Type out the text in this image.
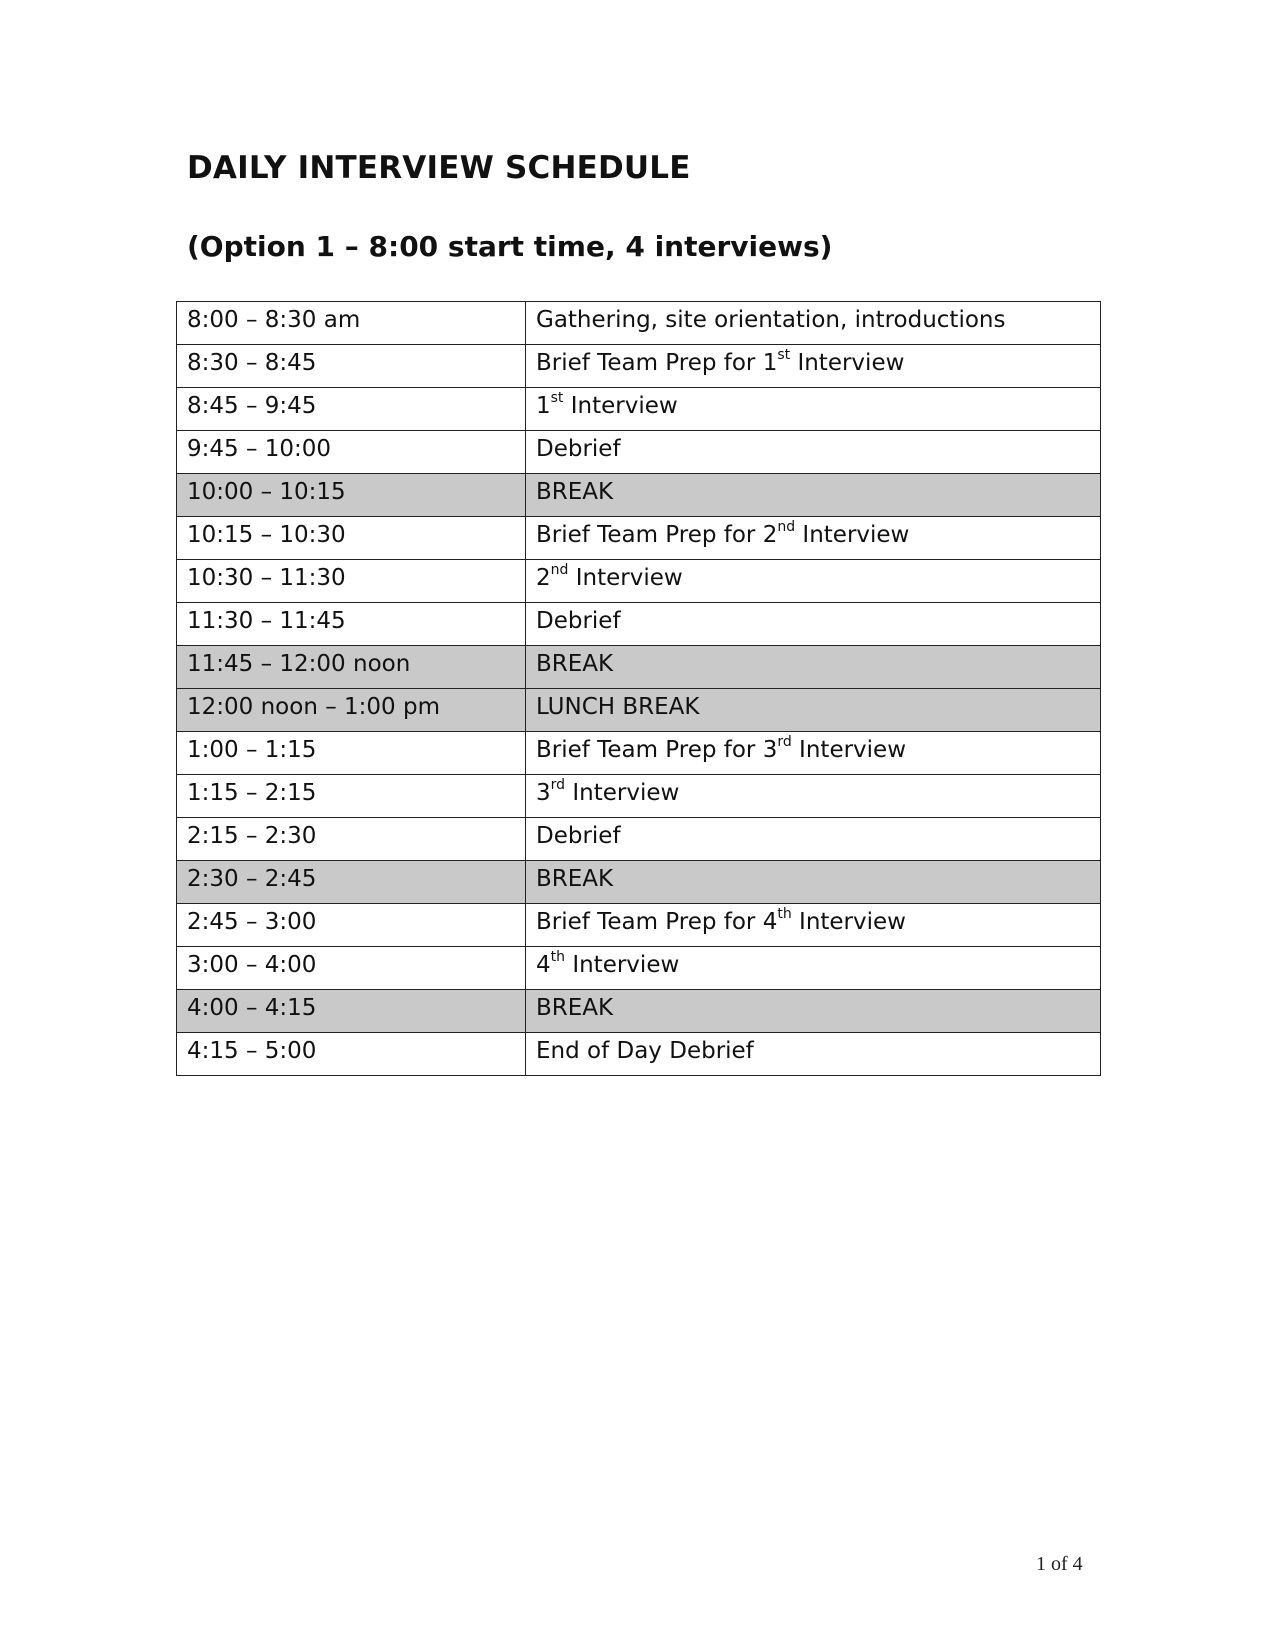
DAILY INTERVIEW SCHEDULE
(Option 1 – 8:00 start time, 4 interviews)
8:00 – 8:30 am	Gathering, site orientation, introductions
8:30 – 8:45	Brief Team Prep for 1st Interview
8:45 – 9:45	1st Interview
9:45 – 10:00	Debrief
10:00 – 10:15	BREAK
10:15 – 10:30	Brief Team Prep for 2nd Interview
10:30 – 11:30	2nd Interview
11:30 – 11:45	Debrief
11:45 – 12:00 noon	BREAK
12:00 noon – 1:00 pm	LUNCH BREAK
1:00 – 1:15	Brief Team Prep for 3rd Interview
1:15 – 2:15	3rd Interview
2:15 – 2:30	Debrief
2:30 – 2:45	BREAK
2:45 – 3:00	Brief Team Prep for 4th Interview
3:00 – 4:00	4th Interview
4:00 – 4:15	BREAK
4:15 – 5:00	End of Day Debrief
1 of 4
